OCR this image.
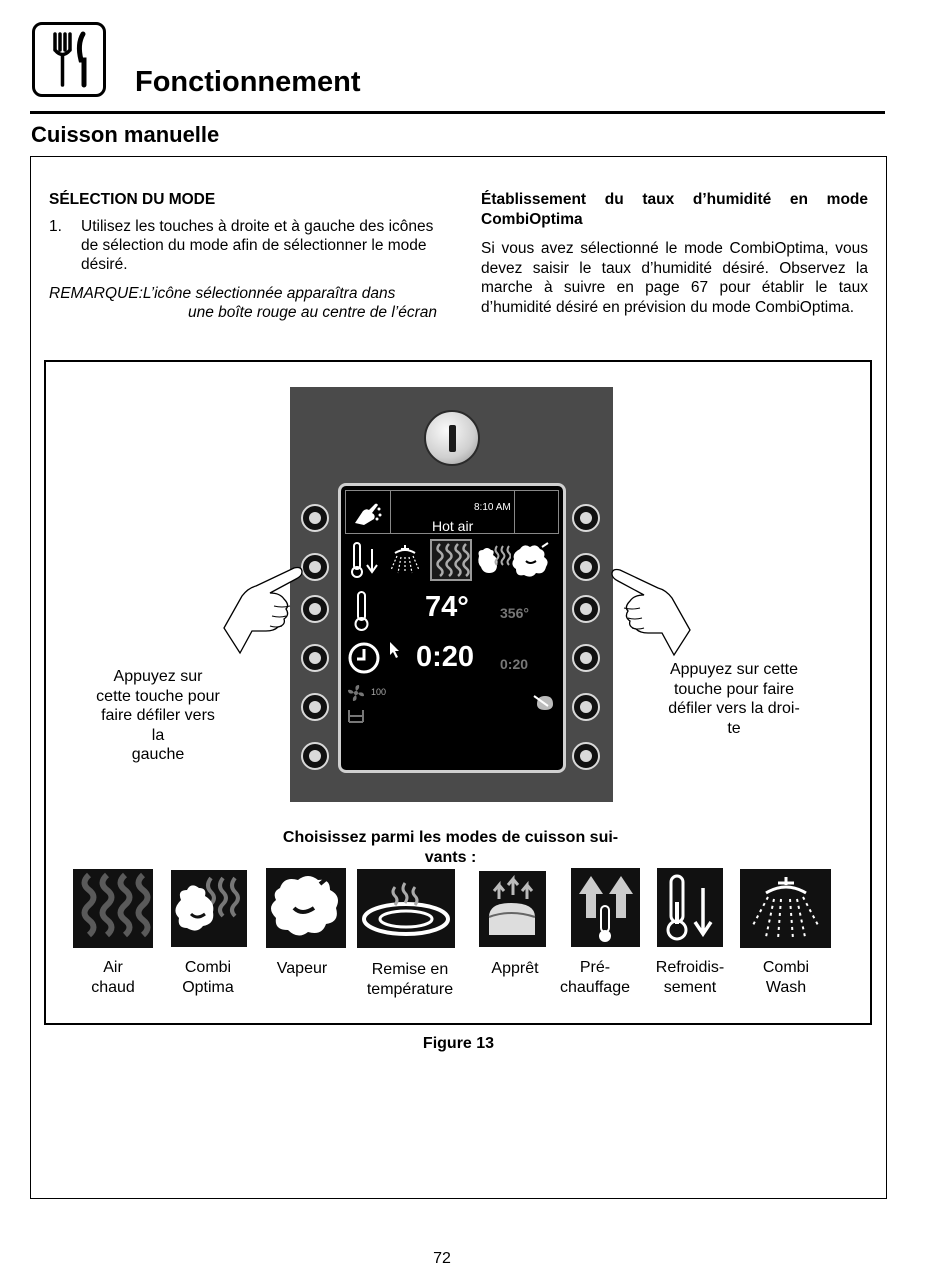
Fonctionnement
Cuisson manuelle
SÉLECTION DU MODE
1.	Utilisez les touches à droite et à gauche des icônes de sélection du mode afin de sélectionner le mode désiré.
REMARQUE:L’icône sélectionnée apparaîtra dans
une boîte rouge au centre de l’écran
Établissement du taux d’humidité en mode CombiOptima
Si vous avez sélectionné le mode CombiOptima, vous devez saisir le taux d’humidité désiré. Observez la marche à suivre en page 67 pour établir le taux d’humidité désiré en prévision du mode CombiOptima.
8:10 AM
Hot air
74° 356°
0:20 0:20
100
Appuyez sur
cette touche pour
faire défiler vers
la
gauche
Appuyez sur cette
touche pour faire
défiler vers la droi-
te
Choisissez parmi les modes de cuisson sui-
vants :
Air
chaud
Combi
Optima
Vapeur	Remise en
température
Apprêt	Pré-
chauffage
Refroidis-
sement
Combi
Wash
Figure 13
72
